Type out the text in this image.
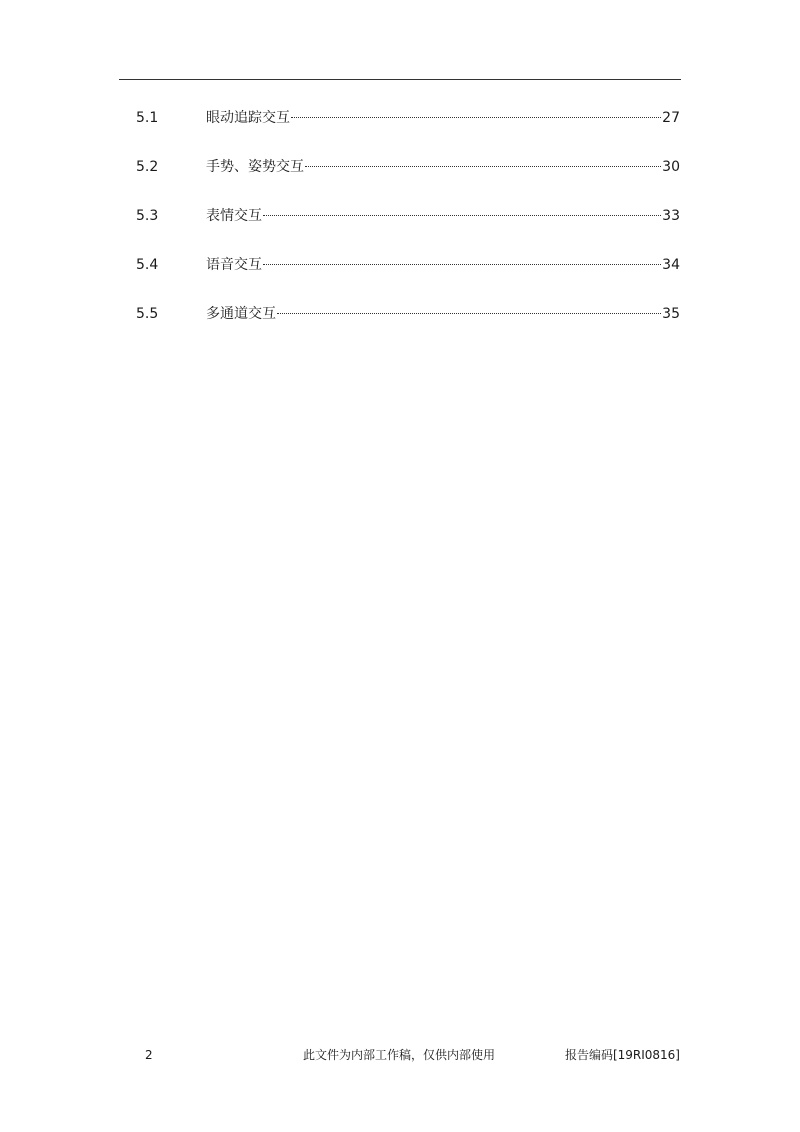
5.1	眼动追踪交互	27
5.2	手势、姿势交互	30
5.3	表情交互	33
5.4	语音交互	34
5.5	多通道交互	35
2	此文件为内部工作稿，仅供内部使用	报告编码[19RI0816]
